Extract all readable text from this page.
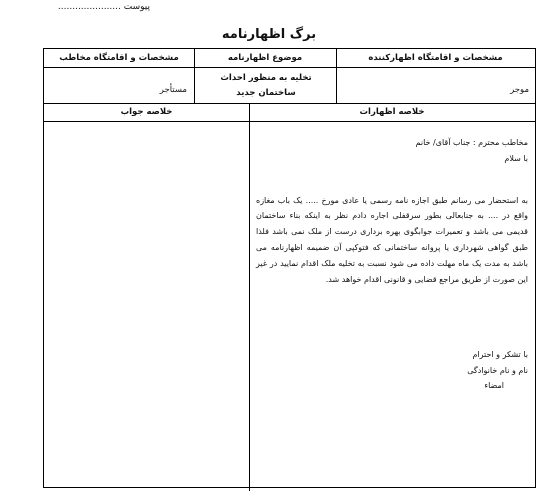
پیوست ......................
برگ اظهارنامه
مشخصات و اقامتگاه اظهارکننده
موضوع اظهارنامه
مشخصات و اقامتگاه مخاطب
موجر
تخلیه به منظور احداث ساختمان جدید
مستأجر
خلاصه اظهارات
خلاصه جواب

مخاطب محترم : جناب آقای/ خانم

با سلام

به استحضار می رسانم طبق اجازه نامه رسمی یا عادی مورخ ..... یک باب مغازه واقع در .... به جنابعالی بطور سرقفلی اجاره دادم نظر به اینکه بناء ساختمان قدیمی می باشد و تعمیرات جوابگوی بهره برداری درست از ملک نمی باشد فلذا طبق گواهی شهرداری یا پروانه ساختمانی که فتوکپی آن ضمیمه اظهارنامه می باشد به مدت یک ماه مهلت داده می شود نسبت به تخلیه ملک اقدام نمایید در غیر این صورت از طریق مراجع قضایی و قانونی اقدام خواهد شد.

با تشکر و احترام
نام و نام خانوادگی
امضاء
